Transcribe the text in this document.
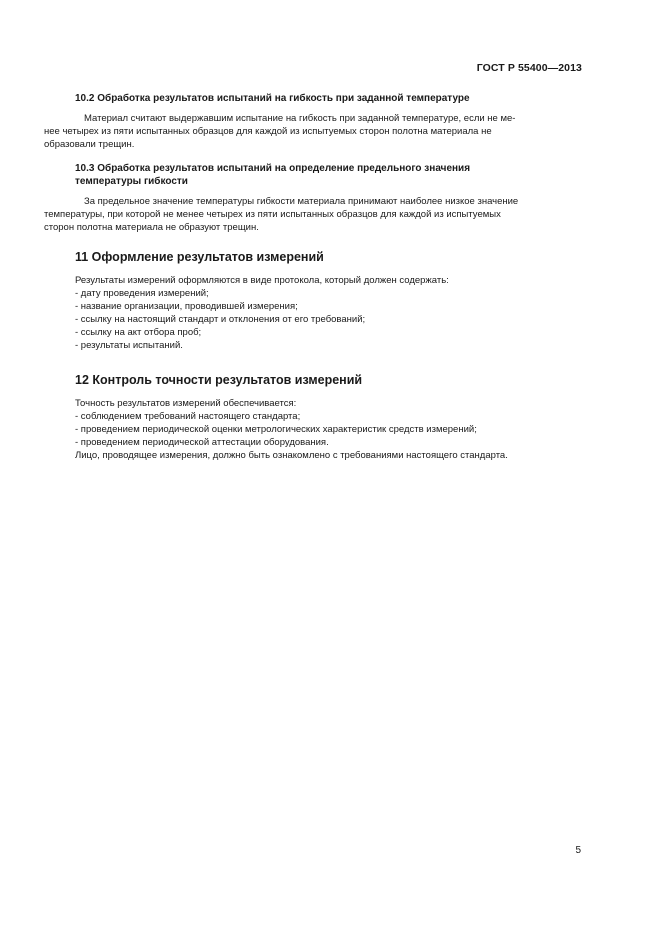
ГОСТ Р 55400—2013
10.2 Обработка результатов испытаний на гибкость при заданной температуре
Материал считают выдержавшим испытание на гибкость при заданной температуре, если не ме-
нее четырех из пяти испытанных образцов для каждой из испытуемых сторон полотна материала не
образовали трещин.
10.3 Обработка результатов испытаний на определение предельного значения
температуры гибкости
За предельное значение температуры гибкости материала принимают наиболее низкое значение
температуры, при которой не менее четырех из пяти испытанных образцов для каждой из испытуемых
сторон полотна материала не образуют трещин.
11 Оформление результатов измерений
Результаты измерений оформляются в виде протокола, который должен содержать:
- дату проведения измерений;
- название организации, проводившей измерения;
- ссылку на настоящий стандарт и отклонения от его требований;
- ссылку на акт отбора проб;
- результаты испытаний.
12 Контроль точности результатов измерений
Точность результатов измерений обеспечивается:
- соблюдением требований настоящего стандарта;
- проведением периодической оценки метрологических характеристик средств измерений;
- проведением периодической аттестации оборудования.
Лицо, проводящее измерения, должно быть ознакомлено с требованиями настоящего стандарта.
5
